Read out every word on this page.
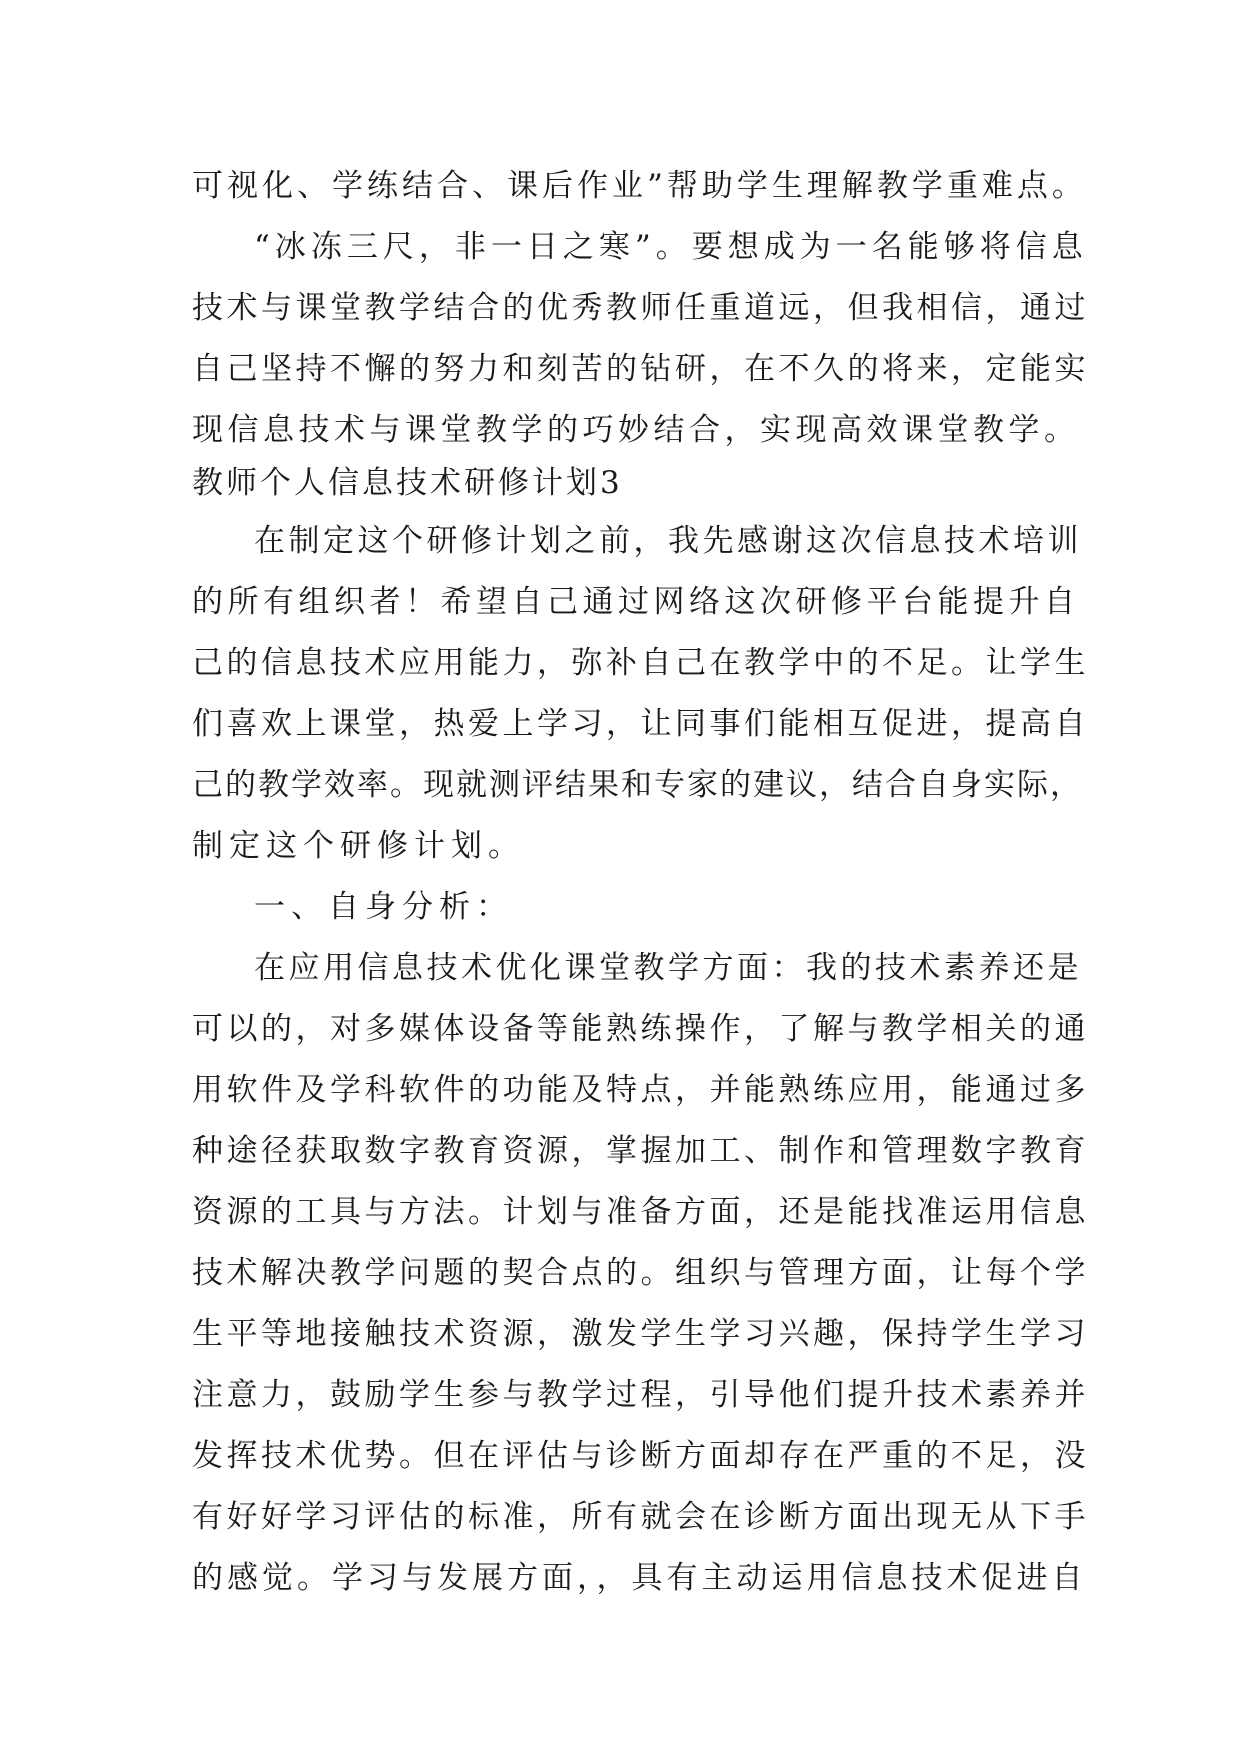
可视化、学练结合、课后作业”帮助学生理解教学重难点。
“冰冻三尺，非一日之寒”。要想成为一名能够将信息
技术与课堂教学结合的优秀教师任重道远，但我相信，通过
自己坚持不懈的努力和刻苦的钻研，在不久的将来，定能实
现信息技术与课堂教学的巧妙结合，实现高效课堂教学。
教师个人信息技术研修计划3
在制定这个研修计划之前，我先感谢这次信息技术培训
的所有组织者！希望自己通过网络这次研修平台能提升自
己的信息技术应用能力，弥补自己在教学中的不足。让学生
们喜欢上课堂，热爱上学习，让同事们能相互促进，提高自
己的教学效率。现就测评结果和专家的建议，结合自身实际，
制定这个研修计划。
一、自身分析：
在应用信息技术优化课堂教学方面：我的技术素养还是
可以的，对多媒体设备等能熟练操作，了解与教学相关的通
用软件及学科软件的功能及特点，并能熟练应用，能通过多
种途径获取数字教育资源，掌握加工、制作和管理数字教育
资源的工具与方法。计划与准备方面，还是能找准运用信息
技术解决教学问题的契合点的。组织与管理方面，让每个学
生平等地接触技术资源，激发学生学习兴趣，保持学生学习
注意力，鼓励学生参与教学过程，引导他们提升技术素养并
发挥技术优势。但在评估与诊断方面却存在严重的不足，没
有好好学习评估的标准，所有就会在诊断方面出现无从下手
的感觉。学习与发展方面，，具有主动运用信息技术促进自
